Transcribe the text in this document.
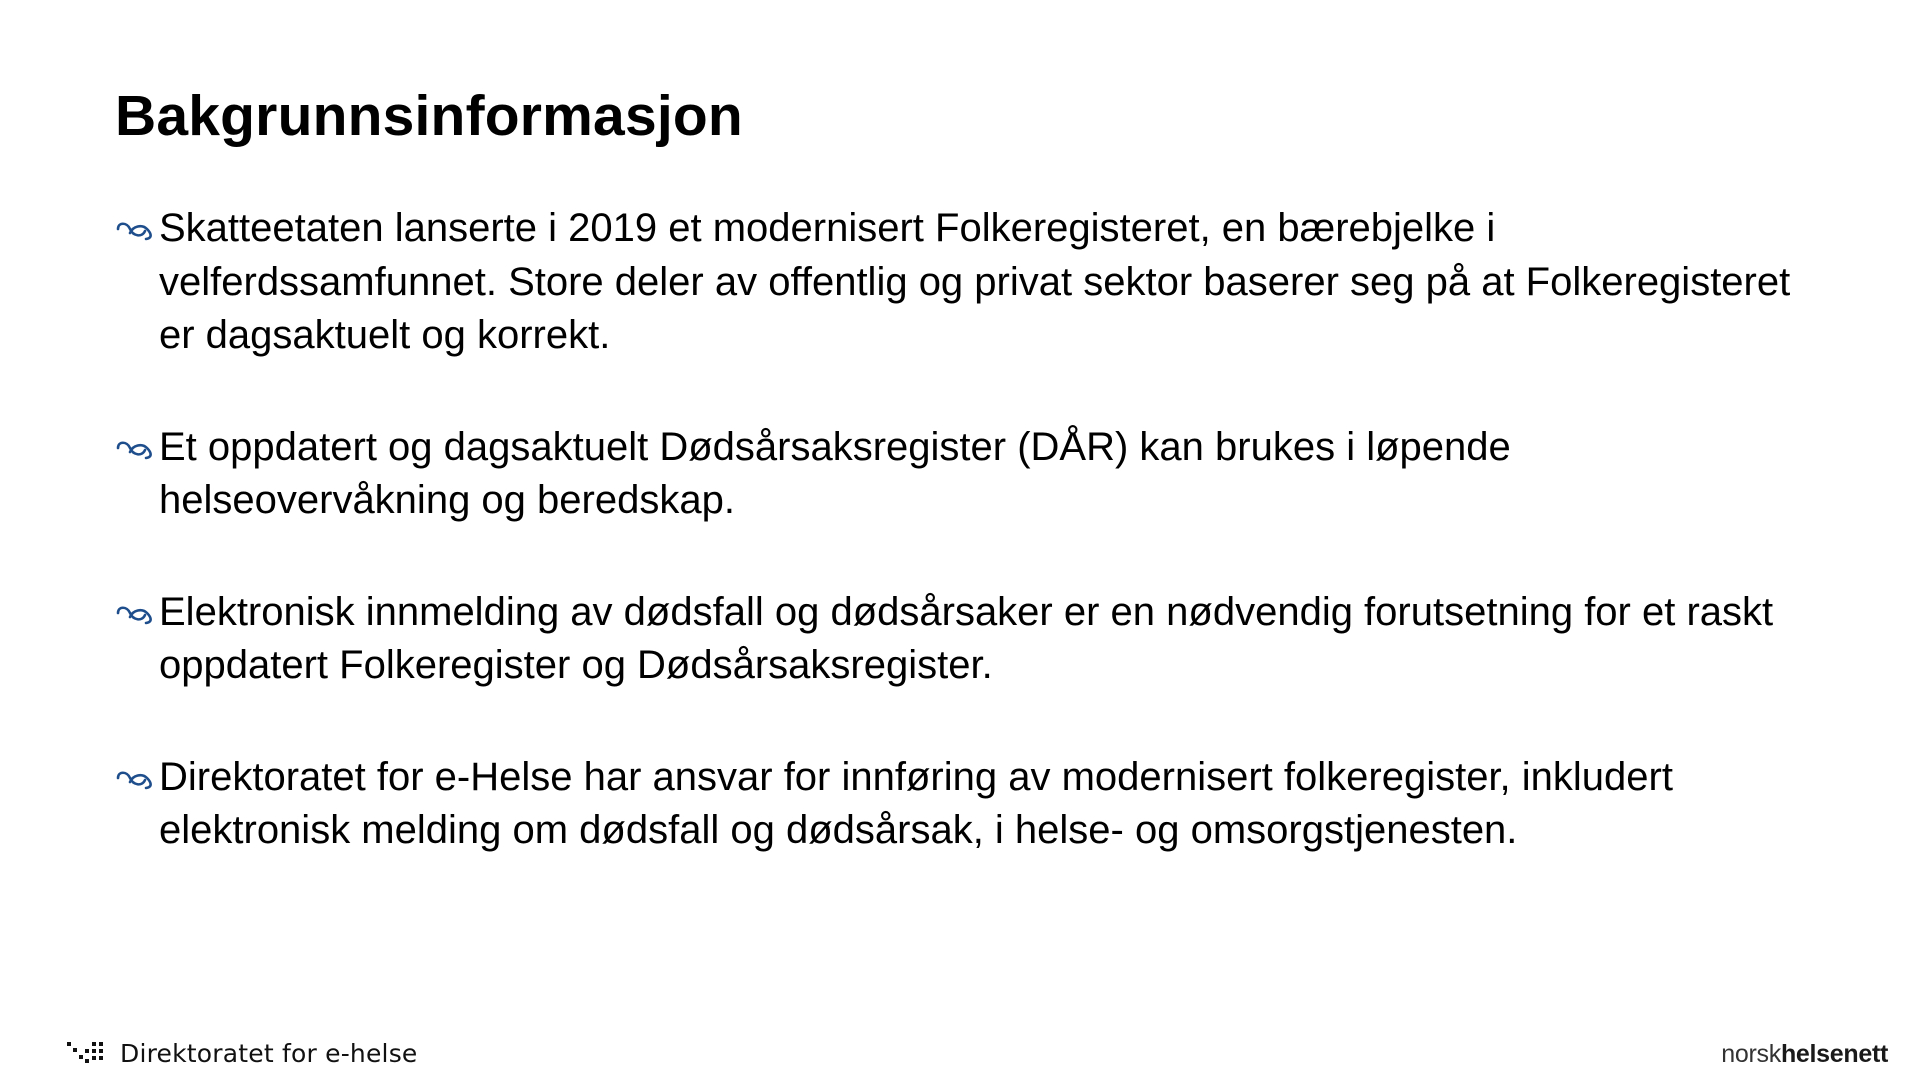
Bakgrunnsinformasjon
Skatteetaten lanserte i 2019 et modernisert Folkeregisteret, en bærebjelke i velferdssamfunnet. Store deler av offentlig og privat sektor baserer seg på at Folkeregisteret er dagsaktuelt og korrekt.
Et oppdatert og dagsaktuelt Dødsårsaksregister (DÅR) kan brukes i løpende helseovervåkning og beredskap.
Elektronisk innmelding av dødsfall og dødsårsaker er en nødvendig forutsetning for et raskt oppdatert Folkeregister og Dødsårsaksregister.
Direktoratet for e-Helse har ansvar for innføring av modernisert folkeregister, inkludert elektronisk melding om dødsfall og dødsårsak, i helse- og omsorgstjenesten.
Direktoratet for e-helse	norskhelsenett
